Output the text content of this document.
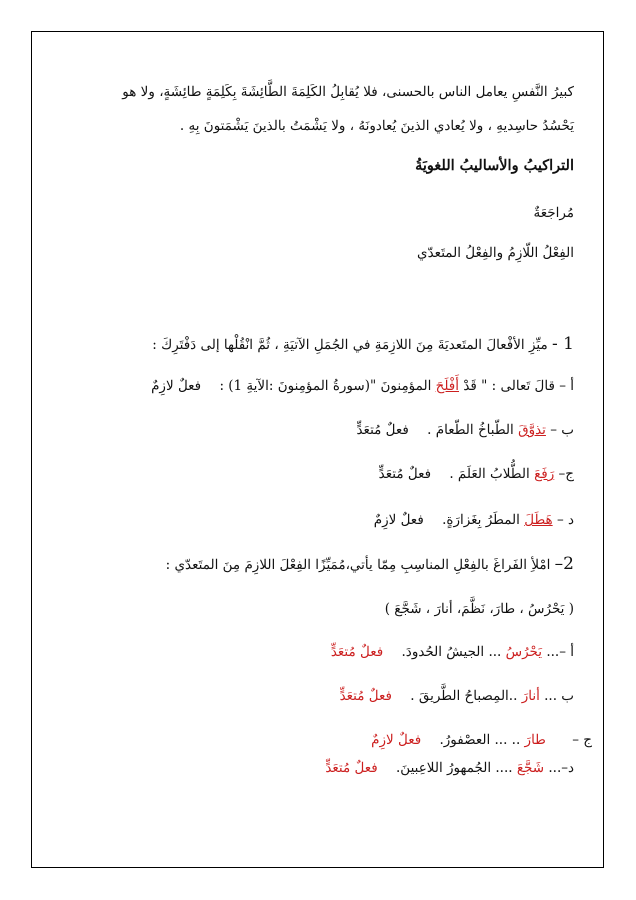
كبيرُ النَّفسِ يعامل الناس بالحسنى، فلا يُقابِلُ الكَلِمَةَ الطَّائِشَةَ بِكَلِمَةٍ طائِشَةٍ، ولا هو
يَحْسُدُ حاسِديهِ ، ولا يُعادي الذينَ يُعادونَهُ ، ولا يَشْمَتُ بالذينَ يَشْمَتونَ بِهِ .
التراكيبُ والأساليبُ اللغويَةُ
مُراجَعَةٌ
الفِعْلُ اللّازِمُ والفِعْلُ المتَعدّي
1 - ميِّزِ الأفْعالَ المتَعديَةَ مِنَ اللازِمَةِ في الجُمَلِ الآتيَةِ ، ثُمَّ انْقُلْها إلى دَفْتَرِكَ :
أ – قالَ تَعالى : " قَدْ أَفْلَحَ المؤمِنونَ "(سورةُ المؤمِنونَ :الآيةِ 1) : فعلٌ لازِمٌ
ب – تذوَّقَ الطّباخُ الطّعامَ . فعلٌ مُتعَدٍّ
ج– رَفَعَ الطُّلابُ العَلَمَ . فعلٌ مُتعَدٍّ
د – هَطَلَ المطَرُ بِغَزارَةٍ. فعلٌ لازِمٌ
2– امْلأِ الفَراغَ بالفِعْلِ المناسِبِ مِمّا يأتي،مُمَيِّزًا الفِعْلَ اللازِمَ مِنَ المتَعدّي :
( يَحْرُسُ ، طارَ، نَظَّمَ، أنارَ ، شَجَّعَ )
أ –... يَحْرُسُ ... الجيشُ الحُدودَ. فعلٌ مُتعَدٍّ
ب ... أنارَ ..المِصباحُ الطَّريقَ . فعلٌ مُتعَدٍّ
ج – طارَ .. ... العصْفورُ. فعلٌ لازِمٌ
د–... شَجَّعَ .... الجُمهورُ اللاعِبينَ. فعلٌ مُتعَدٍّ
